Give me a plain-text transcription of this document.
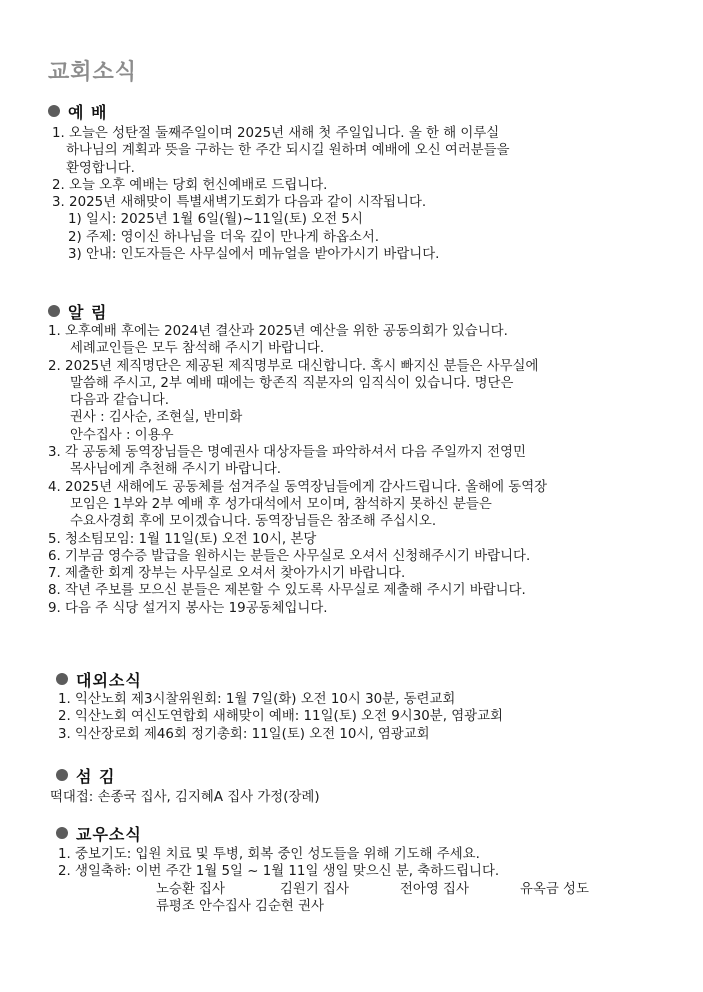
교회소식
예 배
1. 오늘은 성탄절 둘째주일이며 2025년 새해 첫 주일입니다. 올 한 해 이루실
하나님의 계획과 뜻을 구하는 한 주간 되시길 원하며 예배에 오신 여러분들을
환영합니다.
2. 오늘 오후 예배는 당회 헌신예배로 드립니다.
3. 2025년 새해맞이 특별새벽기도회가 다음과 같이 시작됩니다.
1) 일시: 2025년 1월 6일(월)~11일(토) 오전 5시
2) 주제: 영이신 하나님을 더욱 깊이 만나게 하옵소서.
3) 안내: 인도자들은 사무실에서 메뉴얼을 받아가시기 바랍니다.
알 림
1. 오후예배 후에는 2024년 결산과 2025년 예산을 위한 공동의회가 있습니다.
세례교인들은 모두 참석해 주시기 바랍니다.
2. 2025년 제직명단은 제공된 제직명부로 대신합니다. 혹시 빠지신 분들은 사무실에
말씀해 주시고, 2부 예배 때에는 항존직 직분자의 임직식이 있습니다. 명단은
다음과 같습니다.
권사 : 김사순, 조현실, 반미화
안수집사 : 이용우
3. 각 공동체 동역장님들은 명예권사 대상자들을 파악하셔서 다음 주일까지 전영민
목사님에게 추천해 주시기 바랍니다.
4. 2025년 새해에도 공동체를 섬겨주실 동역장님들에게 감사드립니다. 올해에 동역장
모임은 1부와 2부 예배 후 성가대석에서 모이며, 참석하지 못하신 분들은
수요사경회 후에 모이겠습니다. 동역장님들은 참조해 주십시오.
5. 청소팀모임: 1월 11일(토) 오전 10시, 본당
6. 기부금 영수증 발급을 원하시는 분들은 사무실로 오셔서 신청해주시기 바랍니다.
7. 제출한 회계 장부는 사무실로 오셔서 찾아가시기 바랍니다.
8. 작년 주보를 모으신 분들은 제본할 수 있도록 사무실로 제출해 주시기 바랍니다.
9. 다음 주 식당 설거지 봉사는 19공동체입니다.
대외소식
1. 익산노회 제3시찰위원회: 1월 7일(화) 오전 10시 30분, 동련교회
2. 익산노회 여신도연합회 새해맞이 예배: 11일(토) 오전 9시30분, 염광교회
3. 익산장로회 제46회 정기총회: 11일(토) 오전 10시, 염광교회
섬 김
떡대접: 손종국 집사, 김지혜A 집사 가정(장례)
교우소식
1. 중보기도: 입원 치료 및 투병, 회복 중인 성도들을 위해 기도해 주세요.
2. 생일축하: 이번 주간 1월 5일 ~ 1월 11일 생일 맞으신 분, 축하드립니다.
노승환 집사	김원기 집사	전아영 집사	유옥금 성도
류평조 안수집사 김순현 권사
